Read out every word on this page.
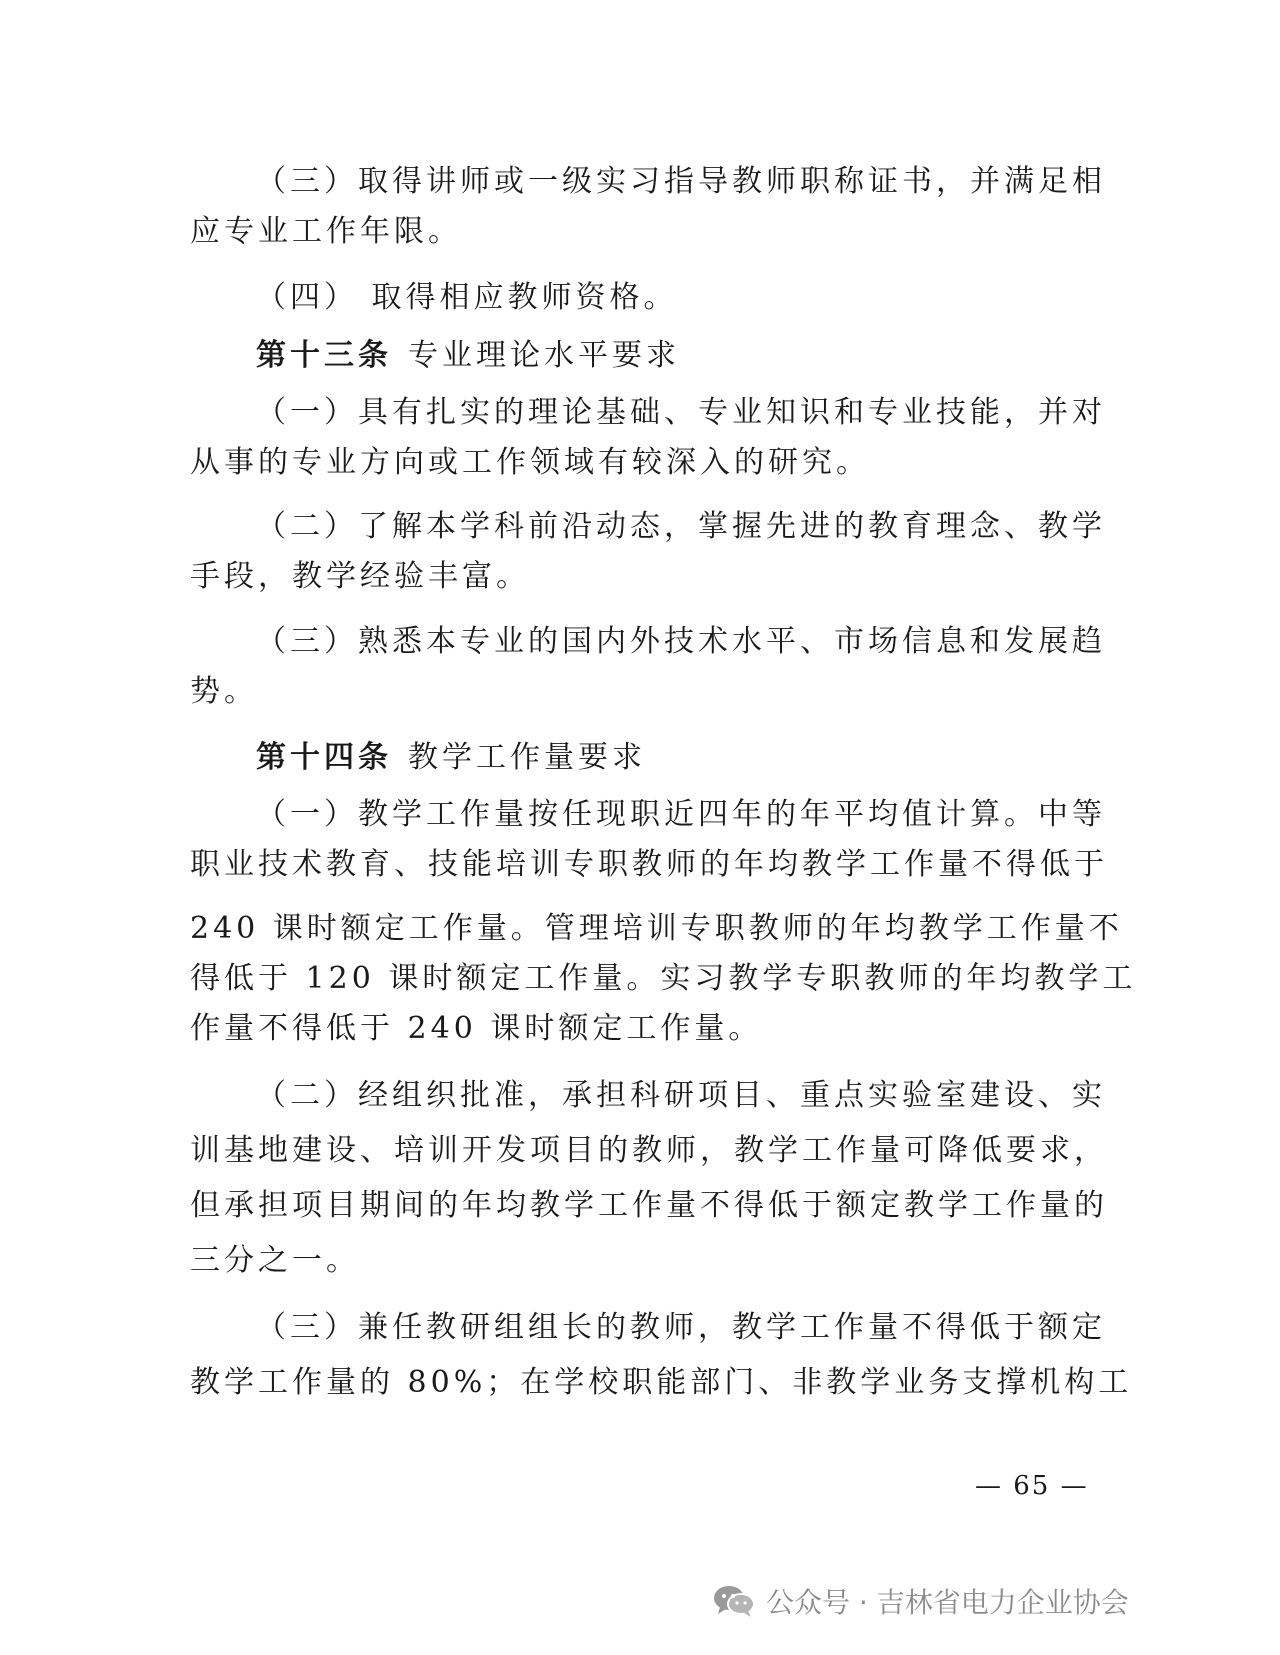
（三）取得讲师或一级实习指导教师职称证书，并满足相
应专业工作年限。
（四） 取得相应教师资格。
第十三条 专业理论水平要求
（一）具有扎实的理论基础、专业知识和专业技能，并对
从事的专业方向或工作领域有较深入的研究。
（二）了解本学科前沿动态，掌握先进的教育理念、教学
手段，教学经验丰富。
（三）熟悉本专业的国内外技术水平、市场信息和发展趋
势。
第十四条 教学工作量要求
（一）教学工作量按任现职近四年的年平均值计算。中等
职业技术教育、技能培训专职教师的年均教学工作量不得低于
240 课时额定工作量。管理培训专职教师的年均教学工作量不
得低于 120 课时额定工作量。实习教学专职教师的年均教学工
作量不得低于 240 课时额定工作量。
（二）经组织批准，承担科研项目、重点实验室建设、实
训基地建设、培训开发项目的教师，教学工作量可降低要求，
但承担项目期间的年均教学工作量不得低于额定教学工作量的
三分之一。
（三）兼任教研组组长的教师，教学工作量不得低于额定
教学工作量的 80%；在学校职能部门、非教学业务支撑机构工
— 65 —
公众号 · 吉林省电力企业协会
